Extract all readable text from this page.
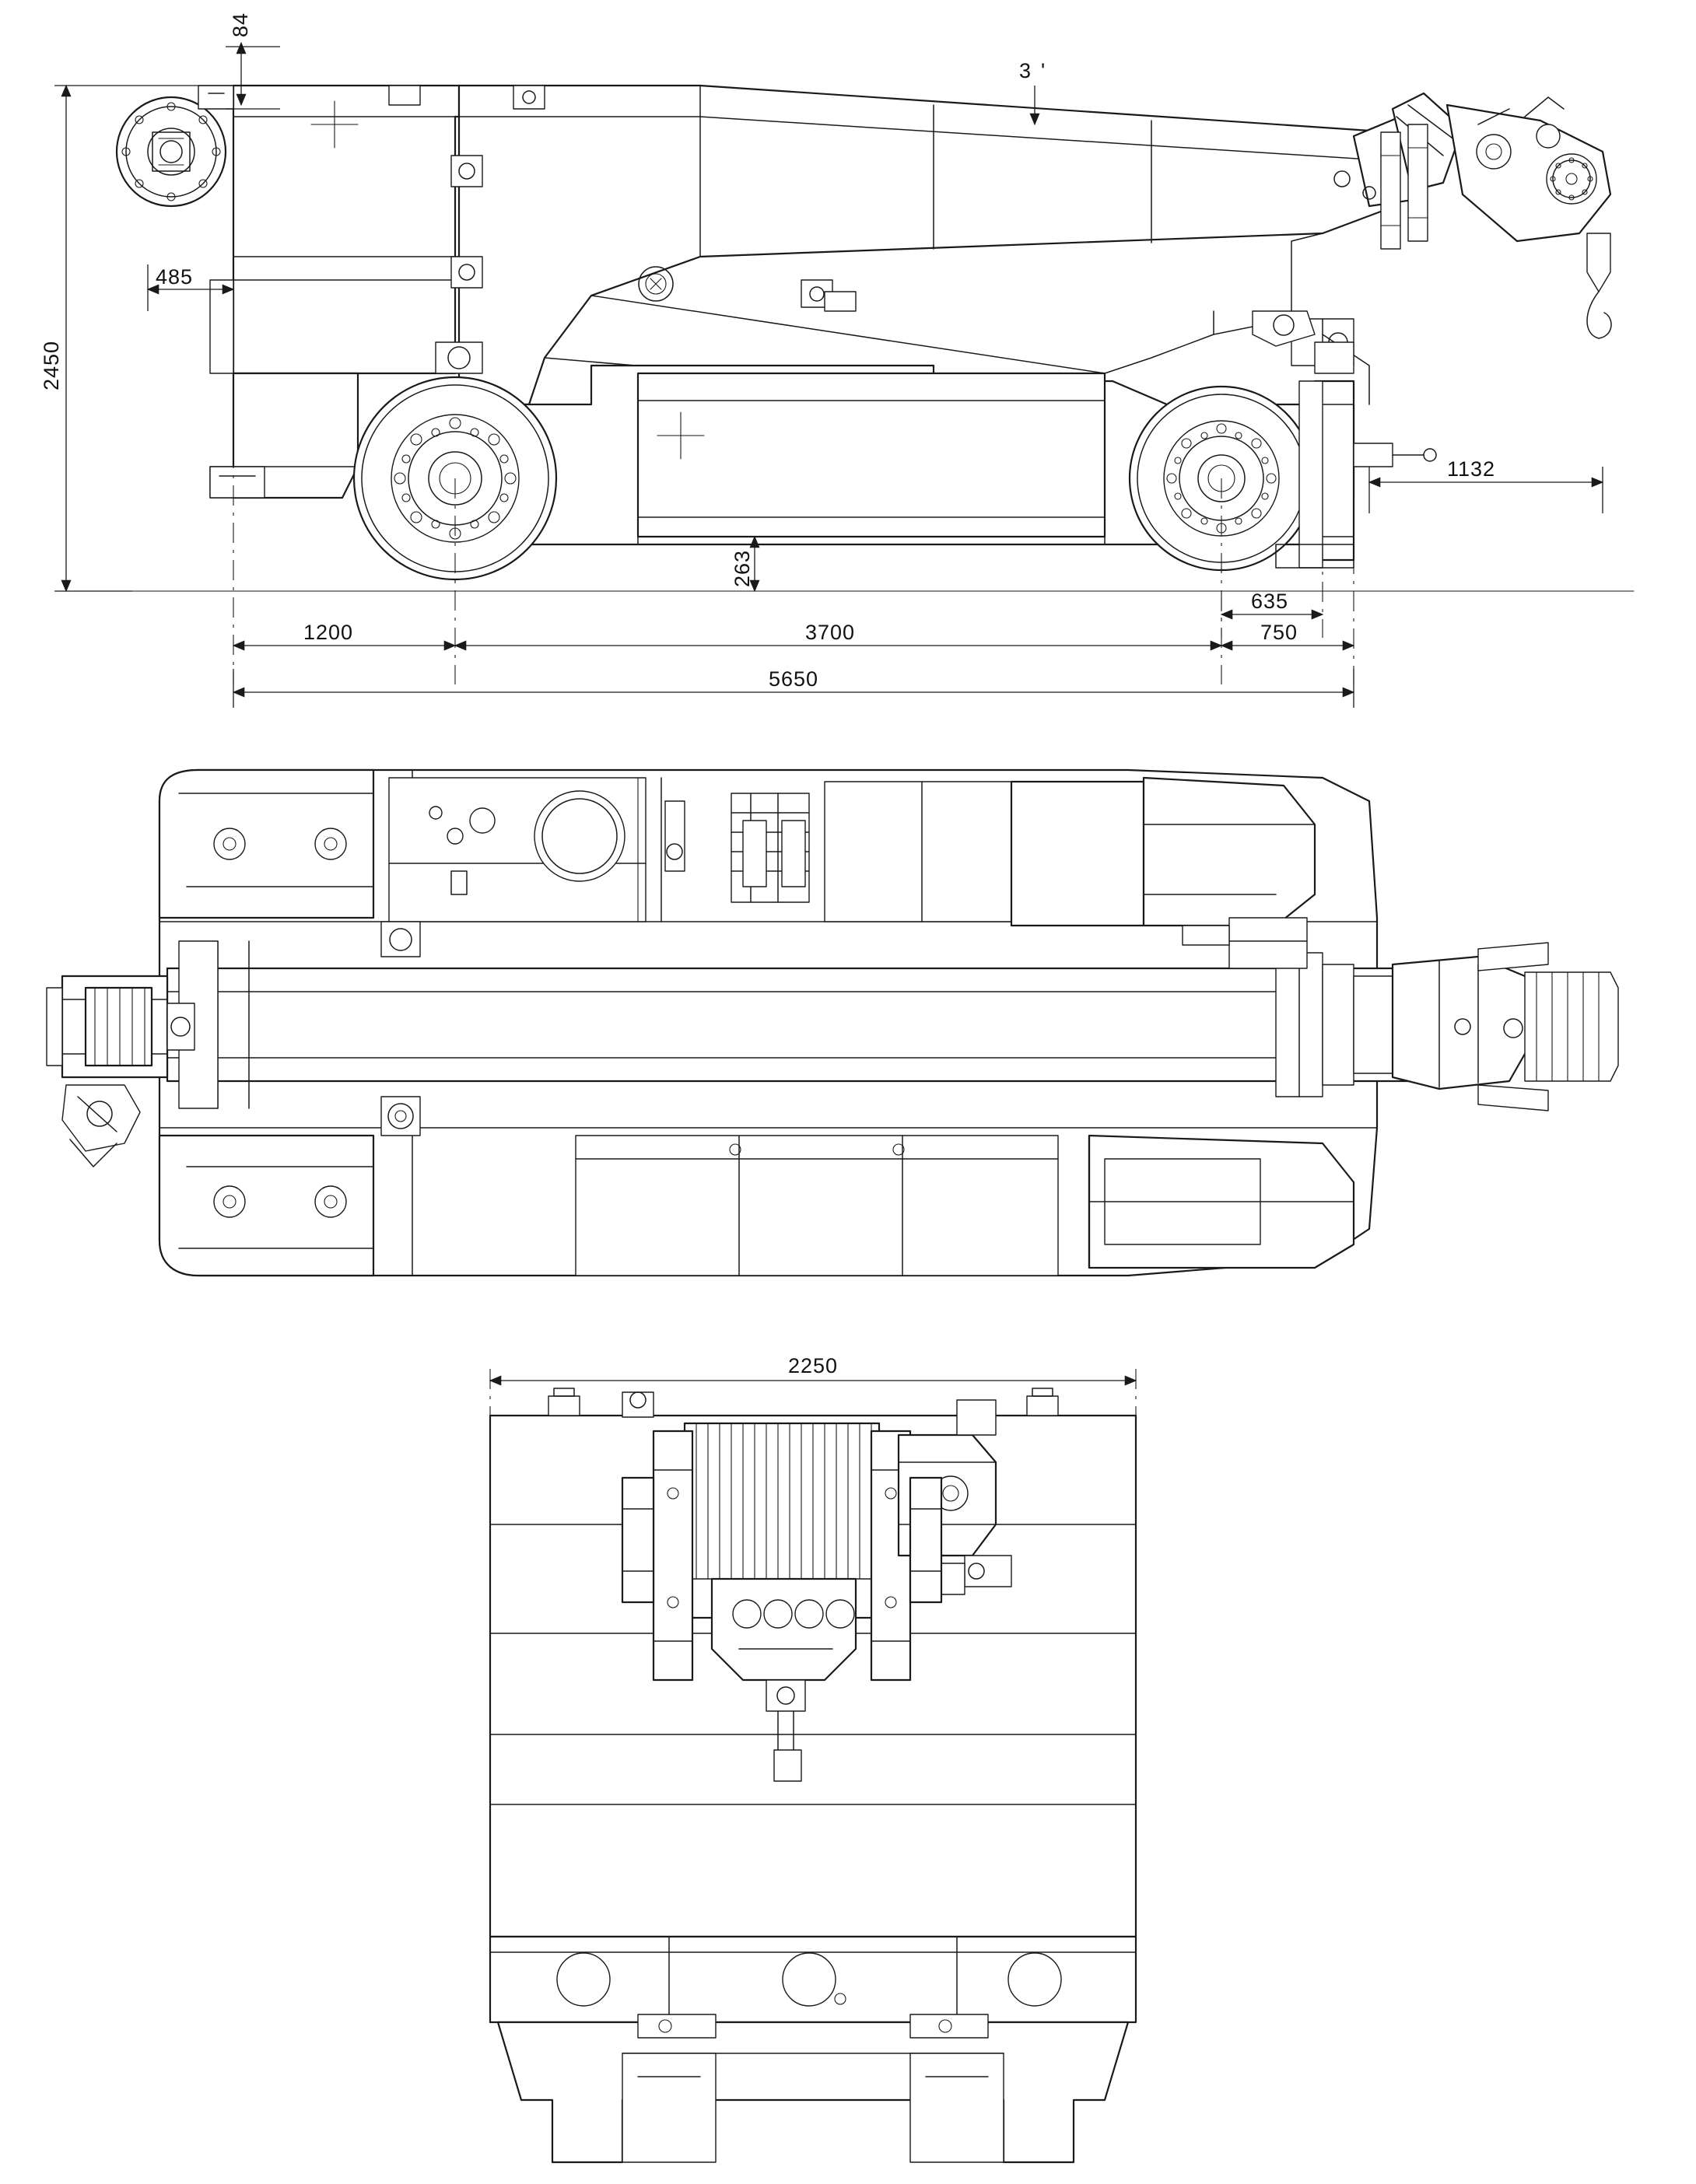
84
2450
485
3 '
1132
263
1200	3700	750
635
5650
2250
